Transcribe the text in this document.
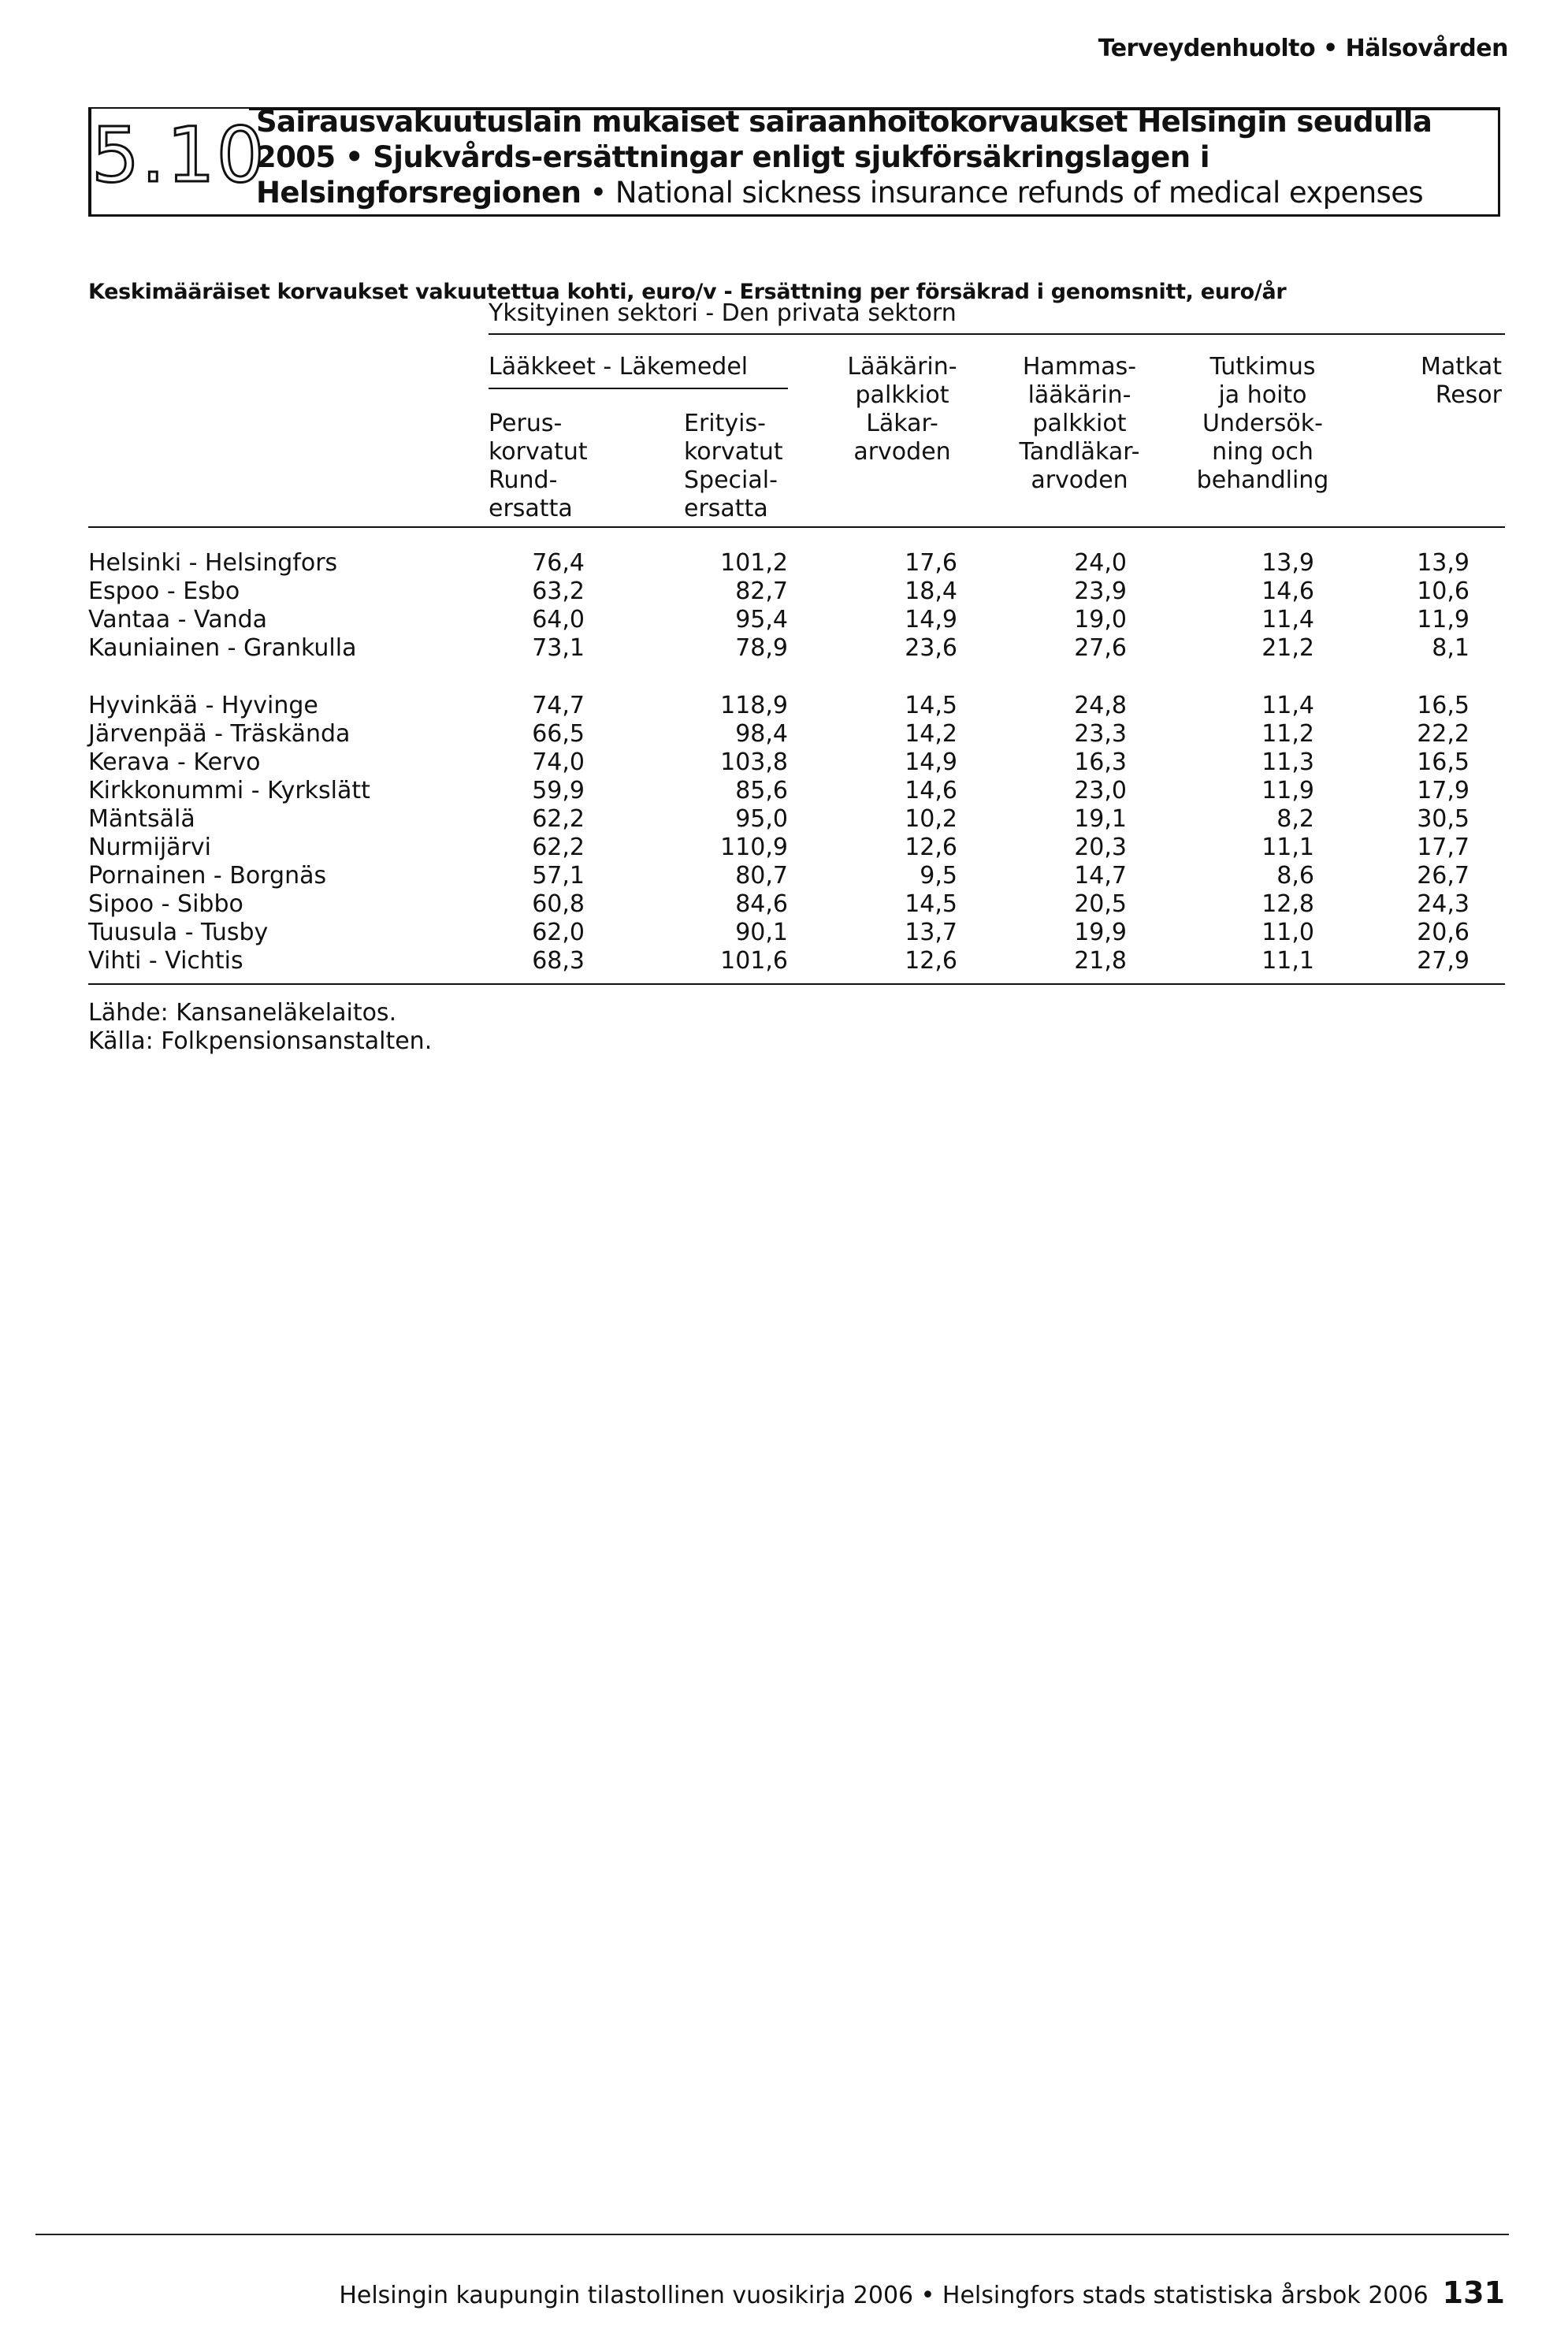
Terveydenhuolto • Hälsovården
5.10
Sairausvakuutuslain mukaiset sairaanhoitokorvaukset Helsingin seudulla 2005 • Sjukvårds-ersättningar enligt sjukförsäkringslagen i Helsingforsregionen • National sickness insurance refunds of medical expenses
Keskimääräiset korvaukset vakuutettua kohti, euro/v - Ersättning per försäkrad i genomsnitt, euro/år
Yksityinen sektori - Den privata sektorn
Lääkkeet - Läkemedel
Perus-
korvatut
Rund-
ersatta
Erityis-
korvatut
Special-
ersatta
Lääkärin-
palkkiot
Läkar-
arvoden
Hammas-
lääkärin-
palkkiot
Tandläkar-
arvoden
Tutkimus
ja hoito
Undersök-
ning och
behandling
Matkat
Resor
Helsinki - Helsingfors	76,4	101,2	17,6	24,0	13,9	13,9
Espoo - Esbo	63,2	82,7	18,4	23,9	14,6	10,6
Vantaa - Vanda	64,0	95,4	14,9	19,0	11,4	11,9
Kauniainen - Grankulla	73,1	78,9	23,6	27,6	21,2	8,1
Hyvinkää - Hyvinge	74,7	118,9	14,5	24,8	11,4	16,5
Järvenpää - Träskända	66,5	98,4	14,2	23,3	11,2	22,2
Kerava - Kervo	74,0	103,8	14,9	16,3	11,3	16,5
Kirkkonummi - Kyrkslätt	59,9	85,6	14,6	23,0	11,9	17,9
Mäntsälä	62,2	95,0	10,2	19,1	8,2	30,5
Nurmijärvi	62,2	110,9	12,6	20,3	11,1	17,7
Pornainen - Borgnäs	57,1	80,7	9,5	14,7	8,6	26,7
Sipoo - Sibbo	60,8	84,6	14,5	20,5	12,8	24,3
Tuusula - Tusby	62,0	90,1	13,7	19,9	11,0	20,6
Vihti - Vichtis	68,3	101,6	12,6	21,8	11,1	27,9
Lähde: Kansaneläkelaitos.
Källa: Folkpensionsanstalten.
Helsingin kaupungin tilastollinen vuosikirja 2006 • Helsingfors stads statistiska årsbok 2006 131
